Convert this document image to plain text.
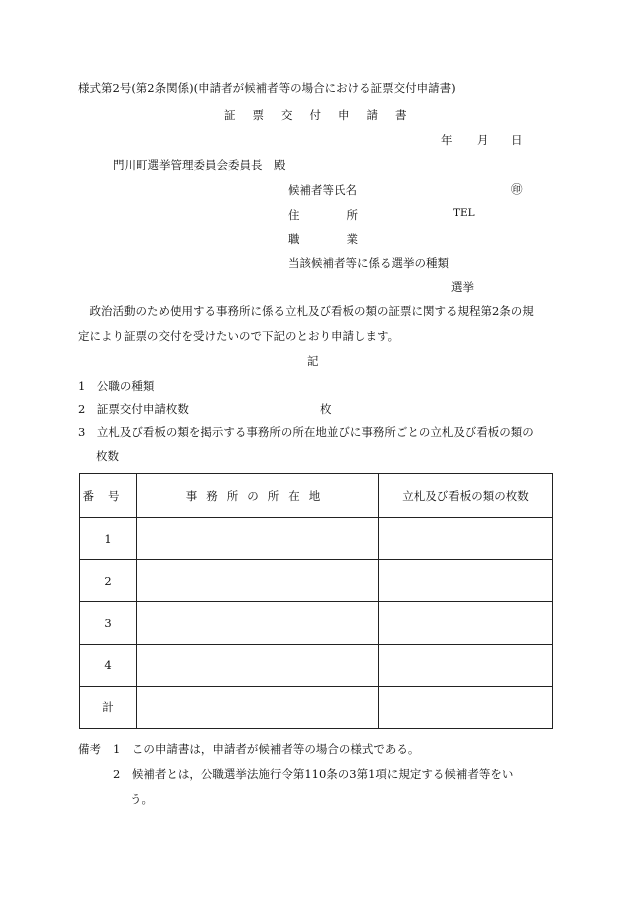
様式第2号(第2条関係)(申請者が候補者等の場合における証票交付申請書)
証票交付申請書
年 月 日
門川町選挙管理委員会委員長　殿
候補者等氏名	㊞
住　　所	TEL
職　　業
当該候補者等に係る選挙の種類
選挙
　政治活動のため使用する事務所に係る立札及び看板の類の証票に関する規程第2条の規
定により証票の交付を受けたいので下記のとおり申請します。
記
1　公職の種類
2　証票交付申請枚数	枚
3　立札及び看板の類を掲示する事務所の所在地並びに事務所ごとの立札及び看板の類の
枚数
番号	事務所の所在地	立札及び看板の類の枚数
1		
2		
3		
4		
計		
備考 1　この申請書は，申請者が候補者等の場合の様式である。
2　候補者とは，公職選挙法施行令第110条の3第1項に規定する候補者等をい
う。
